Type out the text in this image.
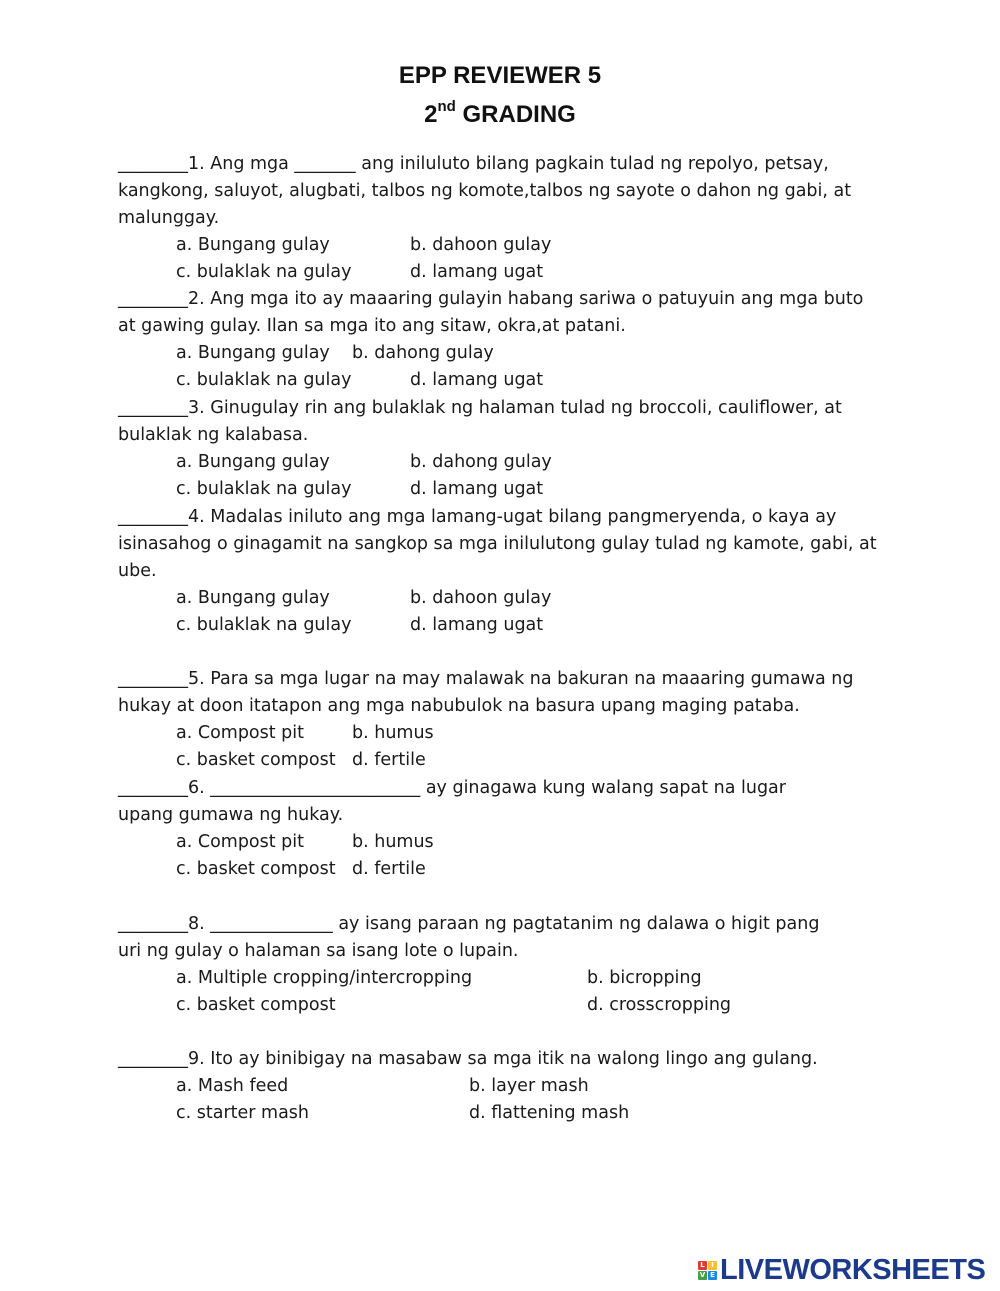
EPP REVIEWER 5
2nd GRADING
________1. Ang mga _______ ang iniluluto bilang pagkain tulad ng repolyo, petsay,
kangkong, saluyot, alugbati, talbos ng komote,talbos ng sayote o dahon ng gabi, at
malunggay.
a. Bungang gulay	b. dahoon gulay
c. bulaklak na gulay	d. lamang ugat
________2. Ang mga ito ay maaaring gulayin habang sariwa o patuyuin ang mga buto
at gawing gulay. Ilan sa mga ito ang sitaw, okra,at patani.
a. Bungang gulay b. dahong gulay
c. bulaklak na gulay	d. lamang ugat
________3. Ginugulay rin ang bulaklak ng halaman tulad ng broccoli, cauliflower, at
bulaklak ng kalabasa.
a. Bungang gulay	b. dahong gulay
c. bulaklak na gulay	d. lamang ugat
________4. Madalas iniluto ang mga lamang-ugat bilang pangmeryenda, o kaya ay
isinasahog o ginagamit na sangkop sa mga inilulutong gulay tulad ng kamote, gabi, at
ube.
a. Bungang gulay	b. dahoon gulay
c. bulaklak na gulay	d. lamang ugat
________5. Para sa mga lugar na may malawak na bakuran na maaaring gumawa ng
hukay at doon itatapon ang mga nabubulok na basura upang maging pataba.
a. Compost pit	b. humus
c. basket compost d. fertile
________6. ________________________ ay ginagawa kung walang sapat na lugar
upang gumawa ng hukay.
a. Compost pit	b. humus
c. basket compost d. fertile
________8. ______________ ay isang paraan ng pagtatanim ng dalawa o higit pang
uri ng gulay o halaman sa isang lote o lupain.
a. Multiple cropping/intercropping	b. bicropping
c. basket compost	d. crosscropping
________9. Ito ay binibigay na masabaw sa mga itik na walong lingo ang gulang.
a. Mash feed	b. layer mash
c. starter mash	d. flattening mash
L I
V E LIVEWORKSHEETS
